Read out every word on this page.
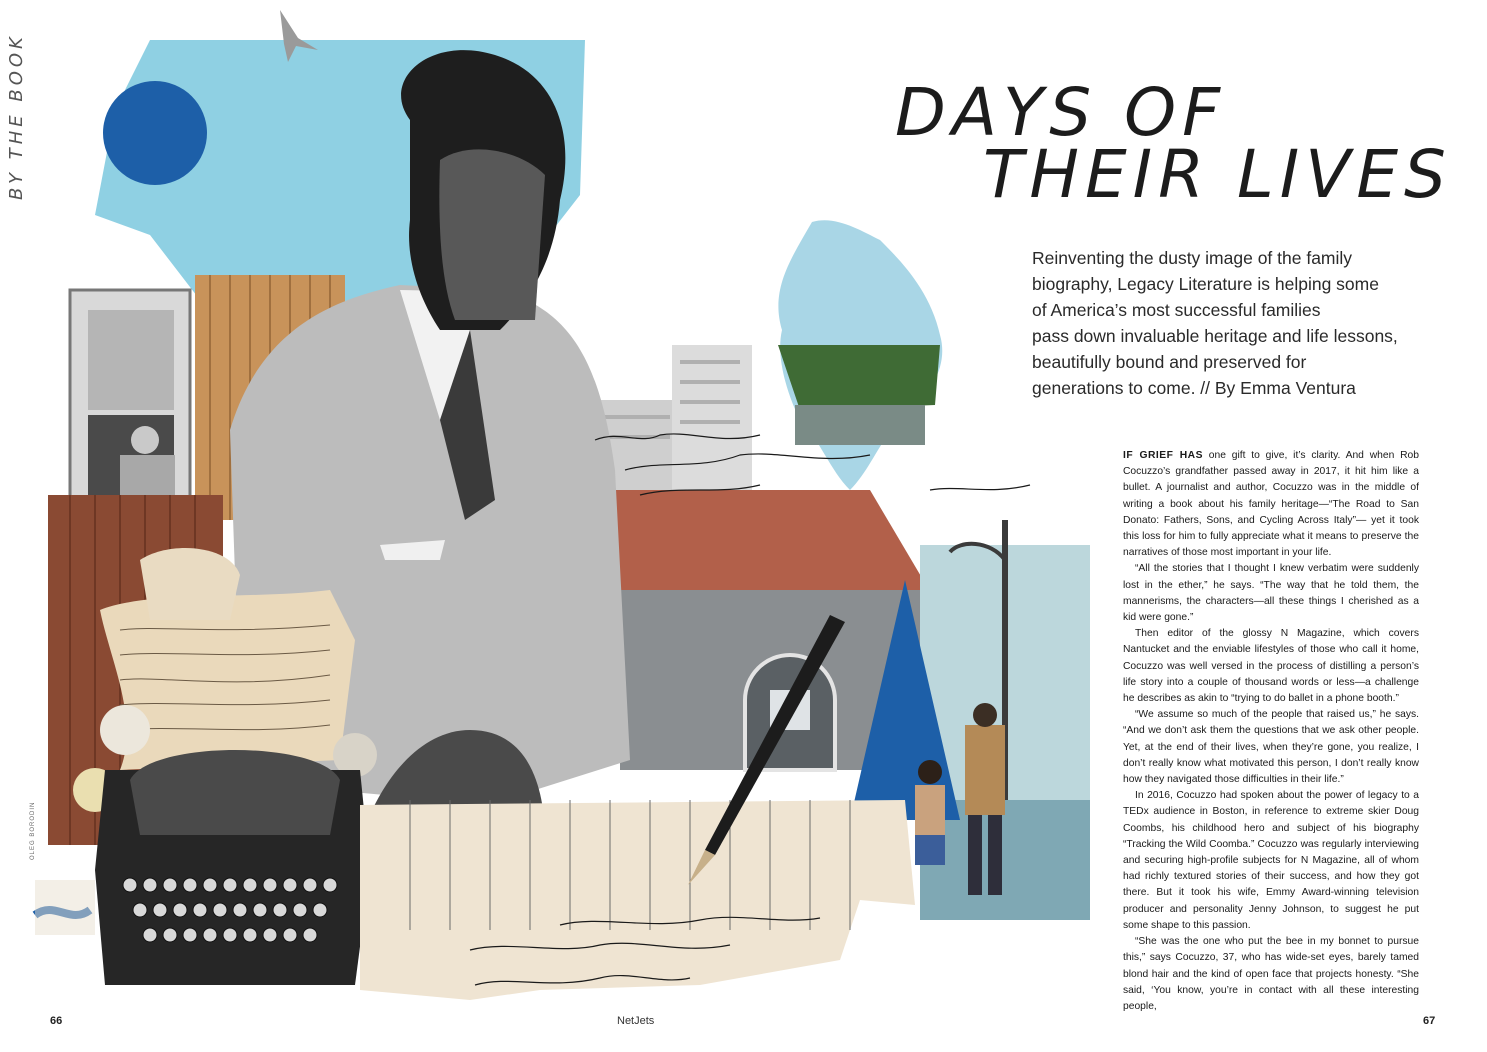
BY THE BOOK
OLEG BORODIN
DAYS OF
THEIR LIVES
Reinventing the dusty image of the family
biography, Legacy Literature is helping some
of America’s most successful families
pass down invaluable heritage and life lessons,
beautifully bound and preserved for
generations to come. // By Emma Ventura

IF GRIEF HAS one gift to give, it’s clarity. And when Rob Cocuzzo’s grandfather passed away in 2017, it hit him like a bullet. A journalist and author, Cocuzzo was in the middle of writing a book about his family heritage—“The Road to San Donato: Fathers, Sons, and Cycling Across Italy”— yet it took this loss for him to fully appreciate what it means to preserve the narratives of those most important in your life.

“All the stories that I thought I knew verbatim were suddenly lost in the ether,” he says. “The way that he told them, the mannerisms, the characters—all these things I cherished as a kid were gone.”

Then editor of the glossy N Magazine, which covers Nantucket and the enviable lifestyles of those who call it home, Cocuzzo was well versed in the process of distilling a person’s life story into a couple of thousand words or less—a challenge he describes as akin to “trying to do ballet in a phone booth.”

“We assume so much of the people that raised us,” he says. “And we don’t ask them the questions that we ask other people. Yet, at the end of their lives, when they’re gone, you realize, I don’t really know what motivated this person, I don’t really know how they navigated those difficulties in their life.”

In 2016, Cocuzzo had spoken about the power of legacy to a TEDx audience in Boston, in reference to extreme skier Doug Coombs, his childhood hero and subject of his biography “Tracking the Wild Coomba.” Cocuzzo was regularly interviewing and securing high-profile subjects for N Magazine, all of whom had richly textured stories of their success, and how they got there. But it took his wife, Emmy Award-winning television producer and personality Jenny Johnson, to suggest he put some shape to this passion.

“She was the one who put the bee in my bonnet to pursue this,” says Cocuzzo, 37, who has wide-set eyes, barely tamed blond hair and the kind of open face that projects honesty. “She said, ‘You know, you’re in contact with all these interesting people,

66	NetJets	67
